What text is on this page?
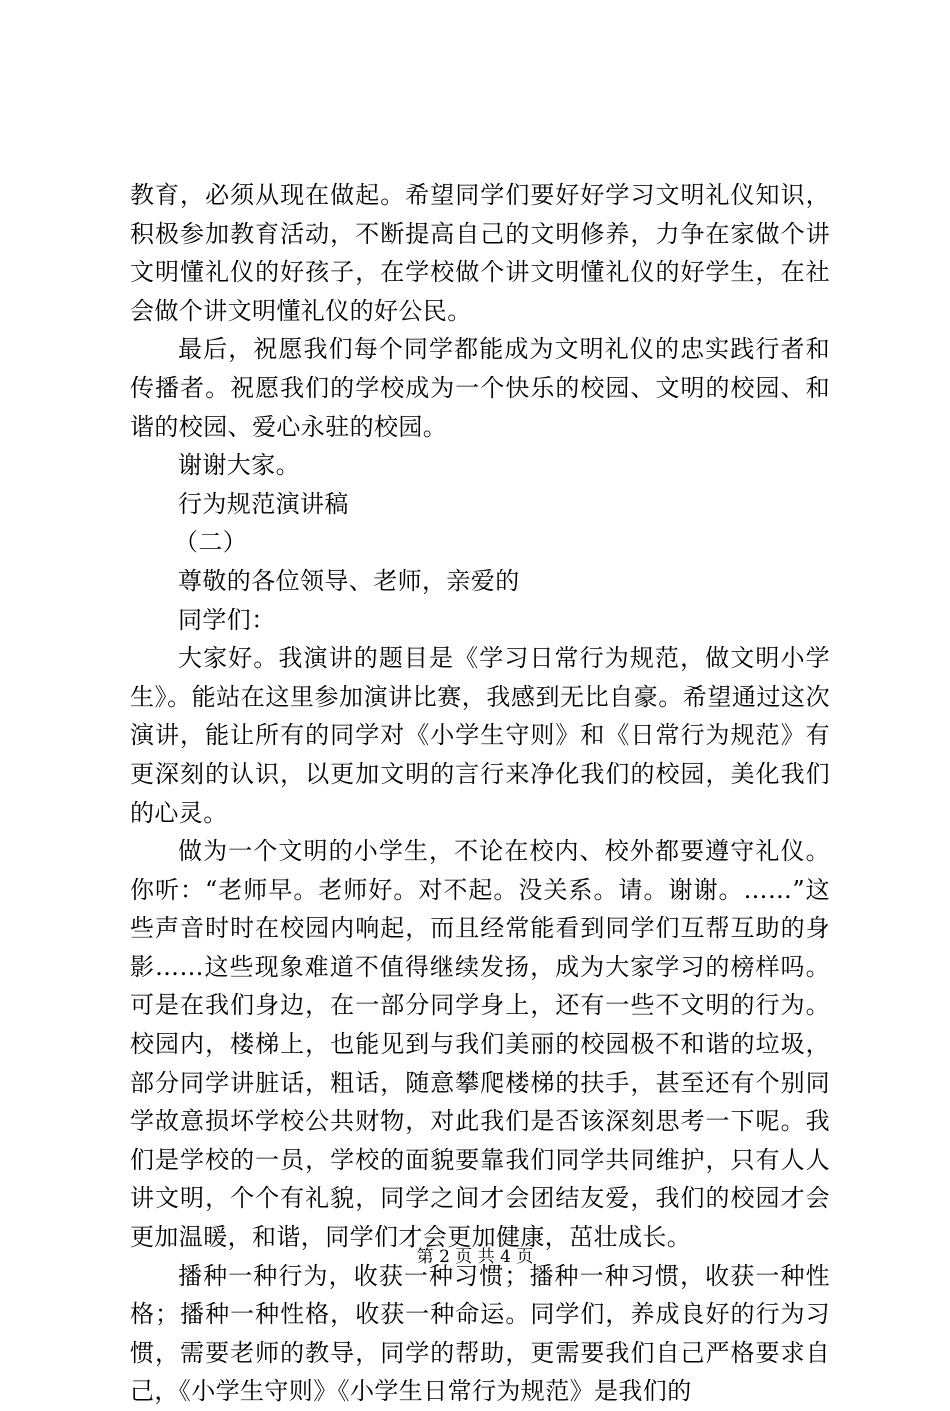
教育，必须从现在做起。希望同学们要好好学习文明礼仪知识，积极参加教育活动，不断提高自己的文明修养，力争在家做个讲文明懂礼仪的好孩子，在学校做个讲文明懂礼仪的好学生，在社会做个讲文明懂礼仪的好公民。

最后，祝愿我们每个同学都能成为文明礼仪的忠实践行者和传播者。祝愿我们的学校成为一个快乐的校园、文明的校园、和谐的校园、爱心永驻的校园。

谢谢大家。

行为规范演讲稿

（二）

尊敬的各位领导、老师，亲爱的

同学们：

大家好。我演讲的题目是《学习日常行为规范，做文明小学生》。能站在这里参加演讲比赛，我感到无比自豪。希望通过这次演讲，能让所有的同学对《小学生守则》和《日常行为规范》有更深刻的认识，以更加文明的言行来净化我们的校园，美化我们的心灵。

做为一个文明的小学生，不论在校内、校外都要遵守礼仪。你听：“老师早。老师好。对不起。没关系。请。谢谢。……”这些声音时时在校园内响起，而且经常能看到同学们互帮互助的身影……这些现象难道不值得继续发扬，成为大家学习的榜样吗。可是在我们身边，在一部分同学身上，还有一些不文明的行为。校园内，楼梯上，也能见到与我们美丽的校园极不和谐的垃圾，部分同学讲脏话，粗话，随意攀爬楼梯的扶手，甚至还有个别同学故意损坏学校公共财物，对此我们是否该深刻思考一下呢。我们是学校的一员，学校的面貌要靠我们同学共同维护，只有人人讲文明，个个有礼貌，同学之间才会团结友爱，我们的校园才会更加温暖，和谐，同学们才会更加健康，茁壮成长。

播种一种行为，收获一种习惯；播种一种习惯，收获一种性格；播种一种性格，收获一种命运。同学们，养成良好的行为习惯，需要老师的教导，同学的帮助，更需要我们自己严格要求自己，《小学生守则》《小学生日常行为规范》是我们的

第 2 页 共 4 页
